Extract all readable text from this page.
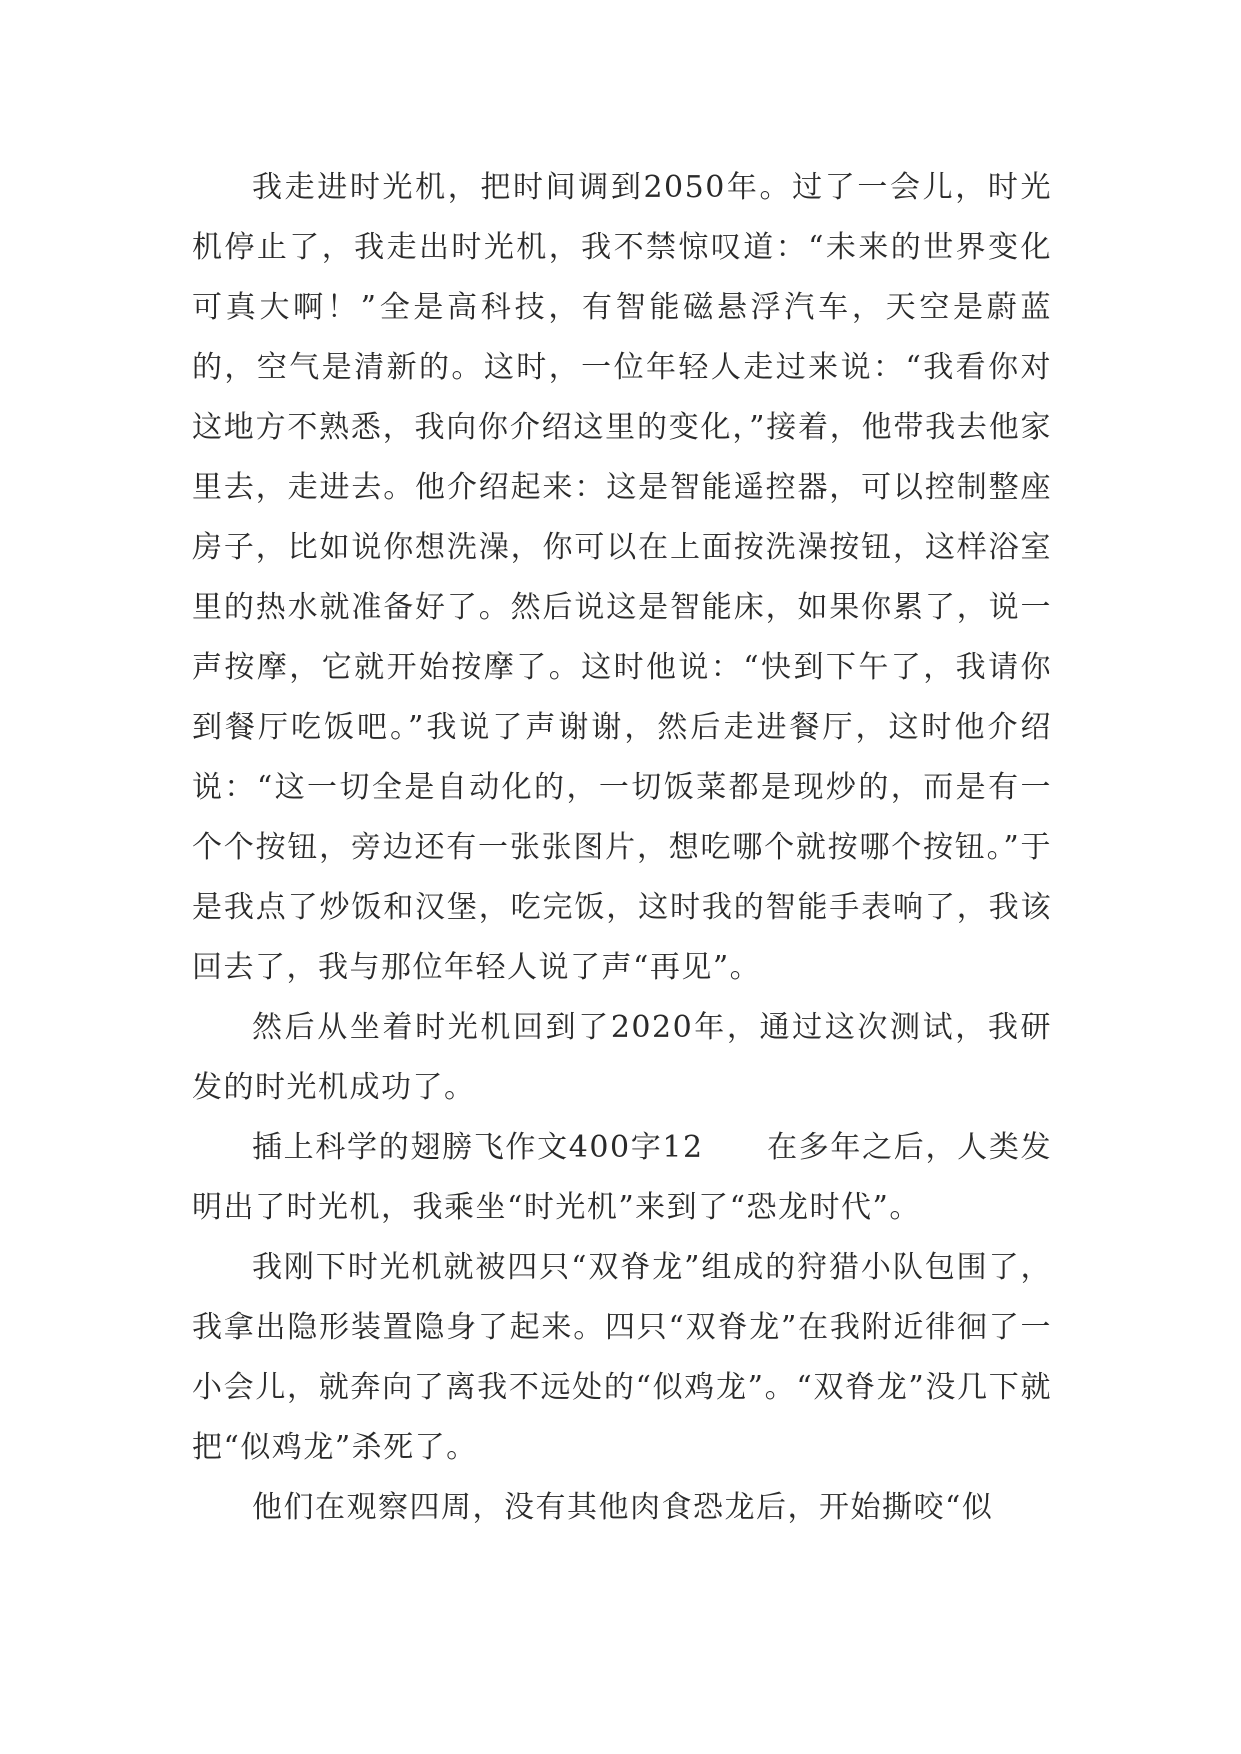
我走进时光机，把时间调到2050年。过了一会儿，时光机停止了，我走出时光机，我不禁惊叹道：“未来的世界变化可真大啊！”全是高科技，有智能磁悬浮汽车，天空是蔚蓝的，空气是清新的。这时，一位年轻人走过来说：“我看你对这地方不熟悉，我向你介绍这里的变化，”接着，他带我去他家里去，走进去。他介绍起来：这是智能遥控器，可以控制整座房子，比如说你想洗澡，你可以在上面按洗澡按钮，这样浴室里的热水就准备好了。然后说这是智能床，如果你累了，说一声按摩，它就开始按摩了。这时他说：“快到下午了，我请你到餐厅吃饭吧。”我说了声谢谢，然后走进餐厅，这时他介绍说：“这一切全是自动化的，一切饭菜都是现炒的，而是有一个个按钮，旁边还有一张张图片，想吃哪个就按哪个按钮。”于是我点了炒饭和汉堡，吃完饭，这时我的智能手表响了，我该回去了，我与那位年轻人说了声“再见”。

然后从坐着时光机回到了2020年，通过这次测试，我研发的时光机成功了。

插上科学的翅膀飞作文400字12　　在多年之后，人类发明出了时光机，我乘坐“时光机”来到了“恐龙时代”。

我刚下时光机就被四只“双脊龙”组成的狩猎小队包围了，我拿出隐形装置隐身了起来。四只“双脊龙”在我附近徘徊了一小会儿，就奔向了离我不远处的“似鸡龙”。“双脊龙”没几下就把“似鸡龙”杀死了。

他们在观察四周，没有其他肉食恐龙后，开始撕咬“似
